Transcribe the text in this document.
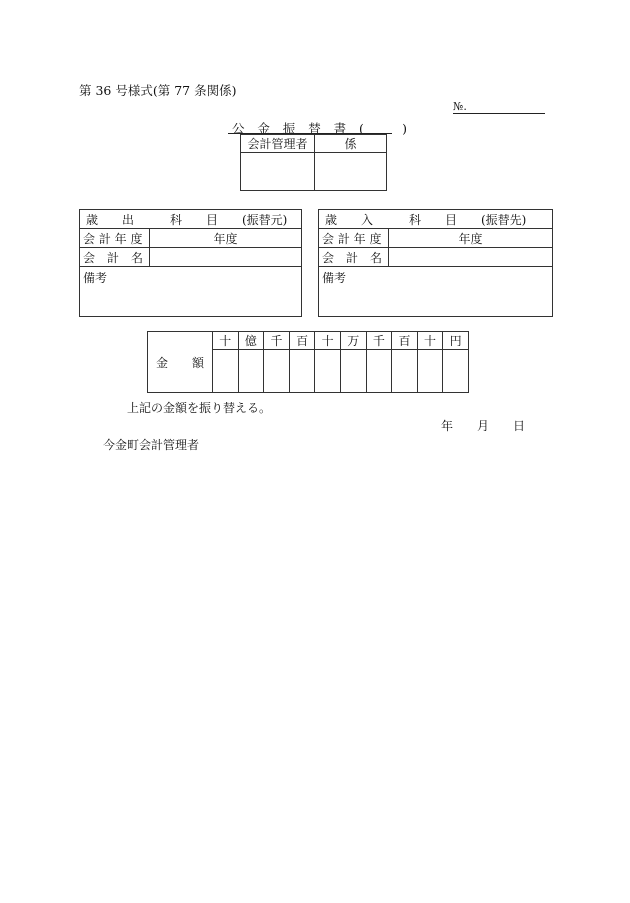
第 36 号様式(第 77 条関係)
№.
公　金　振　替　書　(　　　)
会計管理者	係

歳　　出　　　科　　目　　(振替元)	
会 計 年 度	年度
会　計　名	
備考	
歳　　入　　　科　　目　　(振替先)	
会 計 年 度	年度
会　計　名	
備考	
金　　額	十	億	千	百	十	万	千	百	十	円

上記の金額を振り替える。
年　　月　　日
今金町会計管理者
